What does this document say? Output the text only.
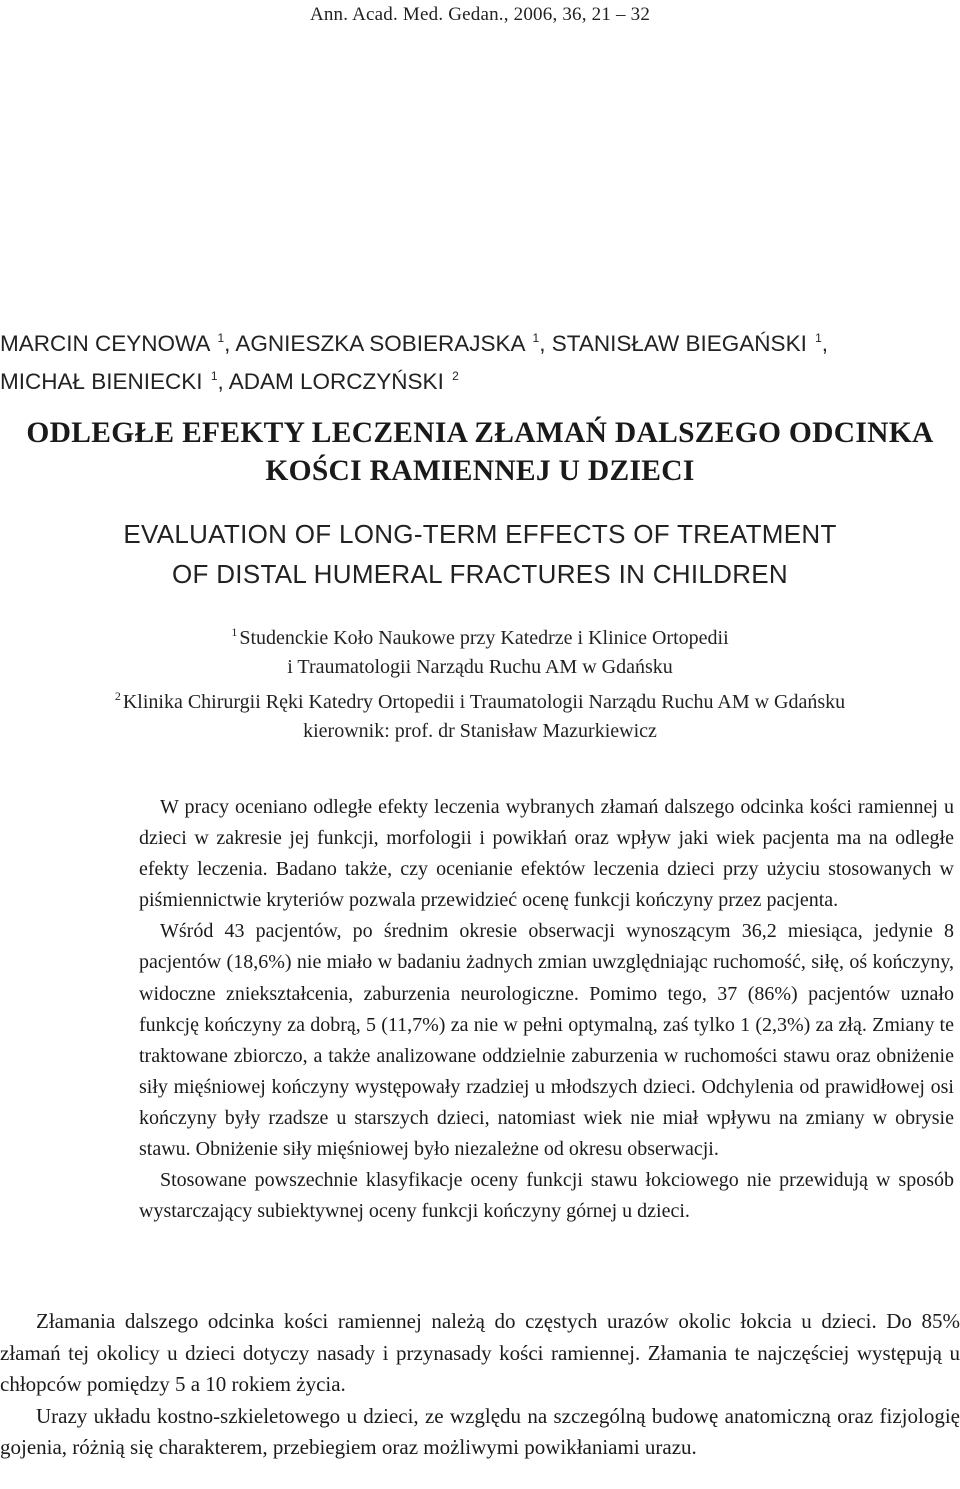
Ann. Acad. Med. Gedan., 2006, 36, 21 – 32
MARCIN CEYNOWA $^1$, AGNIESZKA SOBIERAJSKA $^1$, STANISŁAW BIEGAŃSKI $^1$,
MICHAŁ BIENIECKI $^1$, ADAM LORCZYŃSKI $^2$
ODLEGŁE EFEKTY LECZENIA ZŁAMAŃ DALSZEGO ODCINKA
KOŚCI RAMIENNEJ U DZIECI
EVALUATION OF LONG-TERM EFFECTS OF TREATMENT
OF DISTAL HUMERAL FRACTURES IN CHILDREN
$^1$ Studenckie Koło Naukowe przy Katedrze i Klinice Ortopedii
i Traumatologii Narządu Ruchu AM w Gdańsku
$^2$ Klinika Chirurgii Ręki Katedry Ortopedii i Traumatologii Narządu Ruchu AM w Gdańsku
kierownik: prof. dr Stanisław Mazurkiewicz

W pracy oceniano odległe efekty leczenia wybranych złamań dalszego odcinka kości ramiennej u dzieci w zakresie jej funkcji, morfologii i powikłań oraz wpływ jaki wiek pacjenta ma na odległe efekty leczenia. Badano także, czy ocenianie efektów leczenia dzieci przy użyciu stosowanych w piśmiennictwie kryteriów pozwala przewidzieć ocenę funkcji kończyny przez pacjenta.

Wśród 43 pacjentów, po średnim okresie obserwacji wynoszącym 36,2 miesiąca, jedynie 8 pacjentów (18,6%) nie miało w badaniu żadnych zmian uwzględniając ruchomość, siłę, oś kończyny, widoczne zniekształcenia, zaburzenia neurologiczne. Pomimo tego, 37 (86%) pacjentów uznało funkcję kończyny za dobrą, 5 (11,7%) za nie w pełni optymalną, zaś tylko 1 (2,3%) za złą. Zmiany te traktowane zbiorczo, a także analizowane oddzielnie zaburzenia w ruchomości stawu oraz obniżenie siły mięśniowej kończyny występowały rzadziej u młodszych dzieci. Odchylenia od prawidłowej osi kończyny były rzadsze u starszych dzieci, natomiast wiek nie miał wpływu na zmiany w obrysie stawu. Obniżenie siły mięśniowej było niezależne od okresu obserwacji.

Stosowane powszechnie klasyfikacje oceny funkcji stawu łokciowego nie przewidują w sposób wystarczający subiektywnej oceny funkcji kończyny górnej u dzieci.

Złamania dalszego odcinka kości ramiennej należą do częstych urazów okolic łokcia u dzieci. Do 85% złamań tej okolicy u dzieci dotyczy nasady i przynasady kości ramiennej. Złamania te najczęściej występują u chłopców pomiędzy 5 a 10 rokiem życia.

Urazy układu kostno-szkieletowego u dzieci, ze względu na szczególną budowę anatomiczną oraz fizjologię gojenia, różnią się charakterem, przebiegiem oraz możliwymi powikłaniami urazu.
